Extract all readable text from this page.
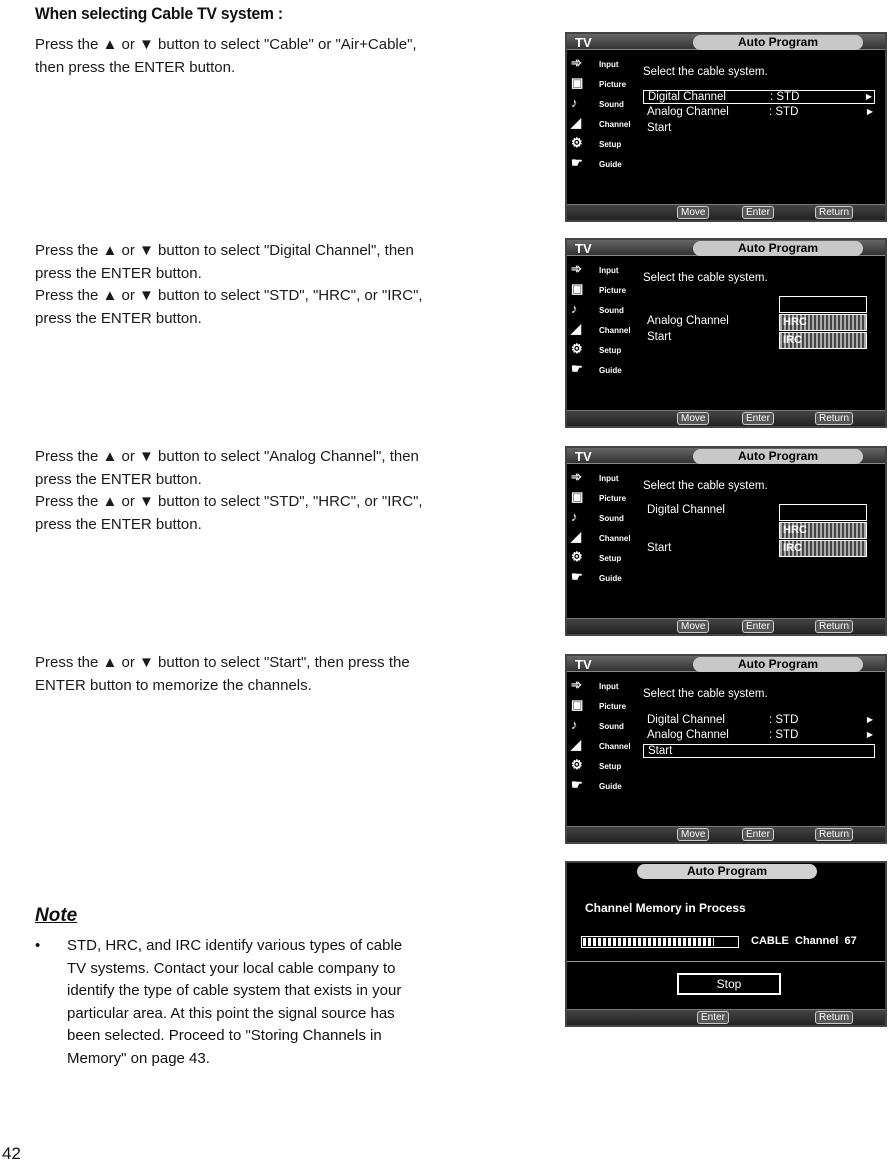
When selecting Cable TV system :

Press the ▲ or ▼ button to select "Cable" or "Air+Cable",

then press the ENTER button.

Press the ▲ or ▼ button to select "Digital Channel", then

press the ENTER button.

Press the ▲ or ▼ button to select "STD", "HRC", or "IRC",

press the ENTER button.

Press the ▲ or ▼ button to select "Analog Channel", then

press the ENTER button.

Press the ▲ or ▼ button to select "STD", "HRC", or "IRC",

press the ENTER button.

Press the ▲ or ▼ button to select "Start", then press the

ENTER button to memorize the channels.

Note
• STD, HRC, and IRC identify various types of cable

TV systems. Contact your local cable company to

identify the type of cable system that exists in your

particular area. At this point the signal source has

been selected. Proceed to "Storing Channels in

Memory" on page 43.

42
TV	Auto Program
➾	Input
▣	Picture
♪	Sound
◢	Channel
⚙	Setup
☛	Guide
Select the cable system.
Digital Channel	: STD	▶
Analog Channel	: STD	▶
Start
Move	Enter	Return
TV	Auto Program
➾	Input
▣	Picture
♪	Sound
◢	Channel
⚙	Setup
☛	Guide
Select the cable system.
Analog Channel	HRC
Start	IRC
Move	Enter	Return
TV	Auto Program
➾	Input
▣	Picture
♪	Sound
◢	Channel
⚙	Setup
☛	Guide
Select the cable system.
Digital Channel
HRC
Start	IRC
Move	Enter	Return
TV	Auto Program
➾	Input
▣	Picture
♪	Sound
◢	Channel
⚙	Setup
☛	Guide
Select the cable system.
Digital Channel	: STD	▶
Analog Channel	: STD	▶
Start
Move	Enter	Return
Auto Program
Channel Memory in Process
CABLE Channel 67
Stop
Enter	Return
